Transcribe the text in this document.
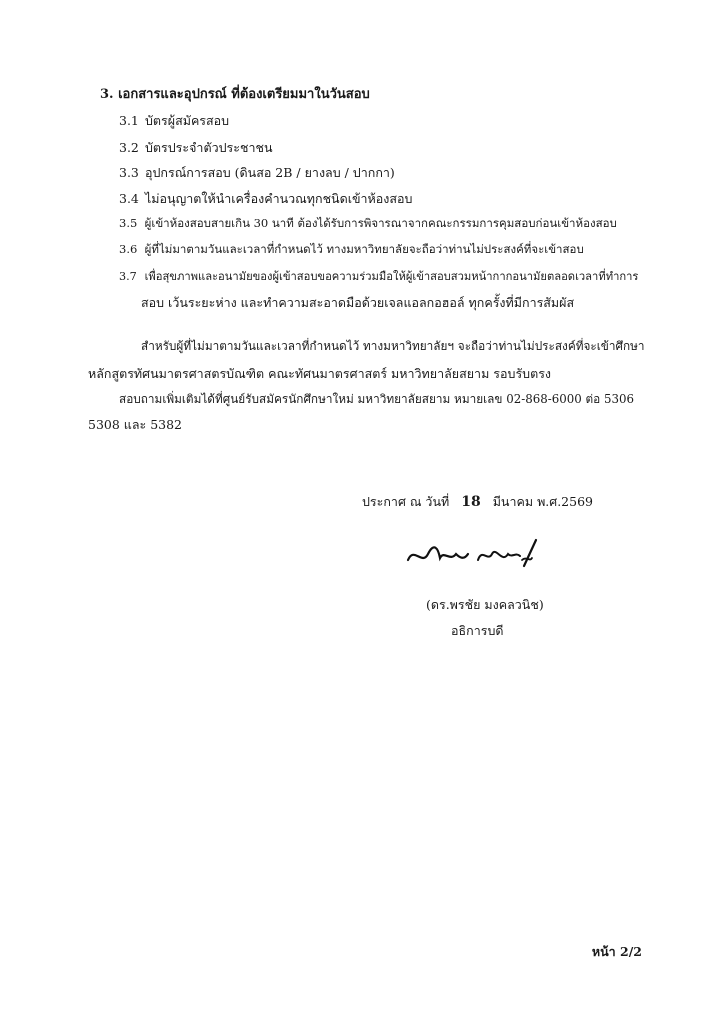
3. เอกสารและอุปกรณ์ ที่ต้องเตรียมมาในวันสอบ
3.1 บัตรผู้สมัครสอบ
3.2 บัตรประจำตัวประชาชน
3.3 อุปกรณ์การสอบ (ดินสอ 2B / ยางลบ / ปากกา)
3.4 ไม่อนุญาตให้นำเครื่องคำนวณทุกชนิดเข้าห้องสอบ
3.5 ผู้เข้าห้องสอบสายเกิน 30 นาที ต้องได้รับการพิจารณาจากคณะกรรมการคุมสอบก่อนเข้าห้องสอบ
3.6 ผู้ที่ไม่มาตามวันและเวลาที่กำหนดไว้ ทางมหาวิทยาลัยจะถือว่าท่านไม่ประสงค์ที่จะเข้าสอบ
3.7 เพื่อสุขภาพและอนามัยของผู้เข้าสอบขอความร่วมมือให้ผู้เข้าสอบสวมหน้ากากอนามัยตลอดเวลาที่ทำการ
สอบ เว้นระยะห่าง และทำความสะอาดมือด้วยเจลแอลกอฮอล์ ทุกครั้งที่มีการสัมผัส
สำหรับผู้ที่ไม่มาตามวันและเวลาที่กำหนดไว้ ทางมหาวิทยาลัยฯ จะถือว่าท่านไม่ประสงค์ที่จะเข้าศึกษา
หลักสูตรทัศนมาตรศาสตรบัณฑิต คณะทัศนมาตรศาสตร์ มหาวิทยาลัยสยาม รอบรับตรง
สอบถามเพิ่มเติมได้ที่ศูนย์รับสมัครนักศึกษาใหม่ มหาวิทยาลัยสยาม หมายเลข 02-868-6000 ต่อ 5306
5308 และ 5382
ประกาศ ณ วันที่ 18 มีนาคม พ.ศ.2569
(ดร.พรชัย มงคลวนิช)
อธิการบดี
หน้า 2/2
